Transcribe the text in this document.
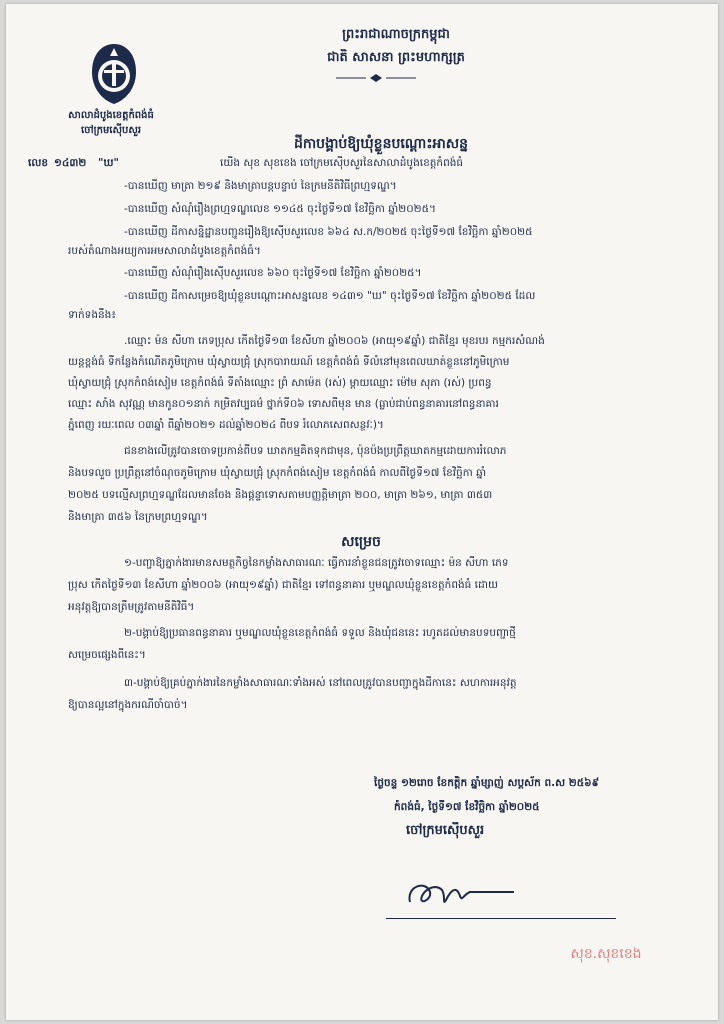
សាលាដំបូងខេត្តកំពង់ធំ
ចៅក្រមស៊ើបសួរ
ព្រះរាជាណាចក្រកម្ពុជា
ជាតិ សាសនា ព្រះមហាក្សត្រ
ដីកាបង្គាប់ឱ្យឃុំខ្លួនបណ្តោះអាសន្ន
លេខ ១៤៣២ "ឃ"	យើង សុខ សុខខេង ចៅក្រមស៊ើបសួរនៃសាលាដំបូងខេត្តកំពង់ធំ
-បានឃើញ មាត្រា ២១៩ និងមាត្រាបន្តបន្ទាប់ នៃក្រមនីតិវិធីព្រហ្មទណ្ឌ។
-បានឃើញ សំណុំរឿងព្រហ្មទណ្ឌលេខ ១១៤៥ ចុះថ្ងៃទី១៧ ខែវិច្ឆិកា ឆ្នាំ២០២៥។
-បានឃើញ ដីកាសន្និដ្ឋានបញ្ជូនរឿងឱ្យស៊ើបសួរលេខ ៦៦៤ ស.ក/២០២៥ ចុះថ្ងៃទី១៧ ខែវិច្ឆិកា ឆ្នាំ២០២៥
របស់តំណាងអយ្យការអមសាលាដំបូងខេត្តកំពង់ធំ។
-បានឃើញ សំណុំរឿងស៊ើបសួរលេខ ៦៦០ ចុះថ្ងៃទី១៧ ខែវិច្ឆិកា ឆ្នាំ២០២៥។
-បានឃើញ ដីកាសម្រេចឱ្យឃុំខ្លួនបណ្តោះអាសន្នលេខ ១៤៣១ "ឃ" ចុះថ្ងៃទី១៧ ខែវិច្ឆិកា ឆ្នាំ២០២៥ ដែល
ទាក់ទងនឹង៖
.ឈ្មោះ ម៉ន សីហា ភេទប្រុស កើតថ្ងៃទី១៣ ខែសីហា ឆ្នាំ២០០៦ (អាយុ១៩ឆ្នាំ) ជាតិខ្មែរ មុខរបរ កម្មករសំណង់
យន្តខ្ពង់ធំ ទីកន្លែងកំណើតភូមិក្រោម ឃុំស្វាយជ្រុំ ស្រុកបារាយណ៍ ខេត្តកំពង់ធំ ទីលំនៅមុនពេលឃាត់ខ្លួននៅភូមិក្រោម
ឃុំស្វាយជ្រុំ ស្រុកកំពង់សៀម ខេត្តកំពង់ធំ ទីតាំងឈ្មោះ ព្រំ សាម៉េត (រស់) ម្តាយឈ្មោះ ម៉ៅម សុភា (រស់) ប្រពន្ធ
ឈ្មោះ សាំង សុវណ្ណ មានកូន០១នាក់ កម្រិតវប្បធម៌ ថ្នាក់ទី០៦ ទោសពីមុន មាន (ធ្លាប់ជាប់ពន្ធនាគារនៅពន្ធនាគារ
ភ្នំពេញ រយៈពេល ០៣ឆ្នាំ ពីឆ្នាំ២០២១ ដល់ឆ្នាំ២០២៤ ពីបទ រំលោភសេពសន្ថវៈ)។
ជនខាងលើត្រូវបានចោទប្រកាន់ពីបទ ឃាតកម្មគិតទុកជាមុន, ប៉ុនប៉ងប្រព្រឹត្តឃាតកម្មដោយការរំលោភ
និងបទលួច ប្រព្រឹត្តនៅចំណុចភូមិក្រោម ឃុំស្វាយជ្រុំ ស្រុកកំពង់សៀម ខេត្តកំពង់ធំ កាលពីថ្ងៃទី១៧ ខែវិច្ឆិកា ឆ្នាំ
២០២៥ បទល្មើសព្រហ្មទណ្ឌដែលមានចែង និងផ្តន្ទាទោសតាមបញ្ញត្តិមាត្រា ២០០, មាត្រា ២៦១, មាត្រា ៣៥៣
និងមាត្រា ៣៥៦ នៃក្រមព្រហ្មទណ្ឌ។
សម្រេច
១-បញ្ជាឱ្យភ្នាក់ងារមានសមត្ថកិច្ចនៃកម្លាំងសាធារណៈ ធ្វើការនាំខ្លួនជនត្រូវចោទឈ្មោះ ម៉ន សីហា ភេទ
ប្រុស កើតថ្ងៃទី១៣ ខែសីហា ឆ្នាំ២០០៦ (អាយុ១៩ឆ្នាំ) ជាតិខ្មែរ ទៅពន្ធនាគារ ឬមណ្ឌលឃុំខ្លួនខេត្តកំពង់ធំ ដោយ
អនុវត្តឱ្យបានត្រឹមត្រូវតាមនីតិវិធី។
២-បង្គាប់ឱ្យប្រធានពន្ធនាគារ ឬមណ្ឌលឃុំខ្លួនខេត្តកំពង់ធំ ទទួល និងឃុំជននេះ រហូតដល់មានបទបញ្ជាថ្មី
សម្រេចផ្សេងពីនេះ។
៣-បង្គាប់ឱ្យគ្រប់ភ្នាក់ងារនៃកម្លាំងសាធារណៈទាំងអស់ នៅពេលត្រូវបានបញ្ជាក្នុងដីកានេះ សហការអនុវត្ត
ឱ្យបានល្អនៅក្នុងករណីចាំបាច់។
ថ្ងៃចន្ទ ១២រោច ខែកត្តិក ឆ្នាំម្សាញ់ សប្តស័ក ព.ស ២៥៦៩
កំពង់ធំ, ថ្ងៃទី១៧ ខែវិច្ឆិកា ឆ្នាំ២០២៥
ចៅក្រមស៊ើបសួរ
សុខ.សុខខេង
